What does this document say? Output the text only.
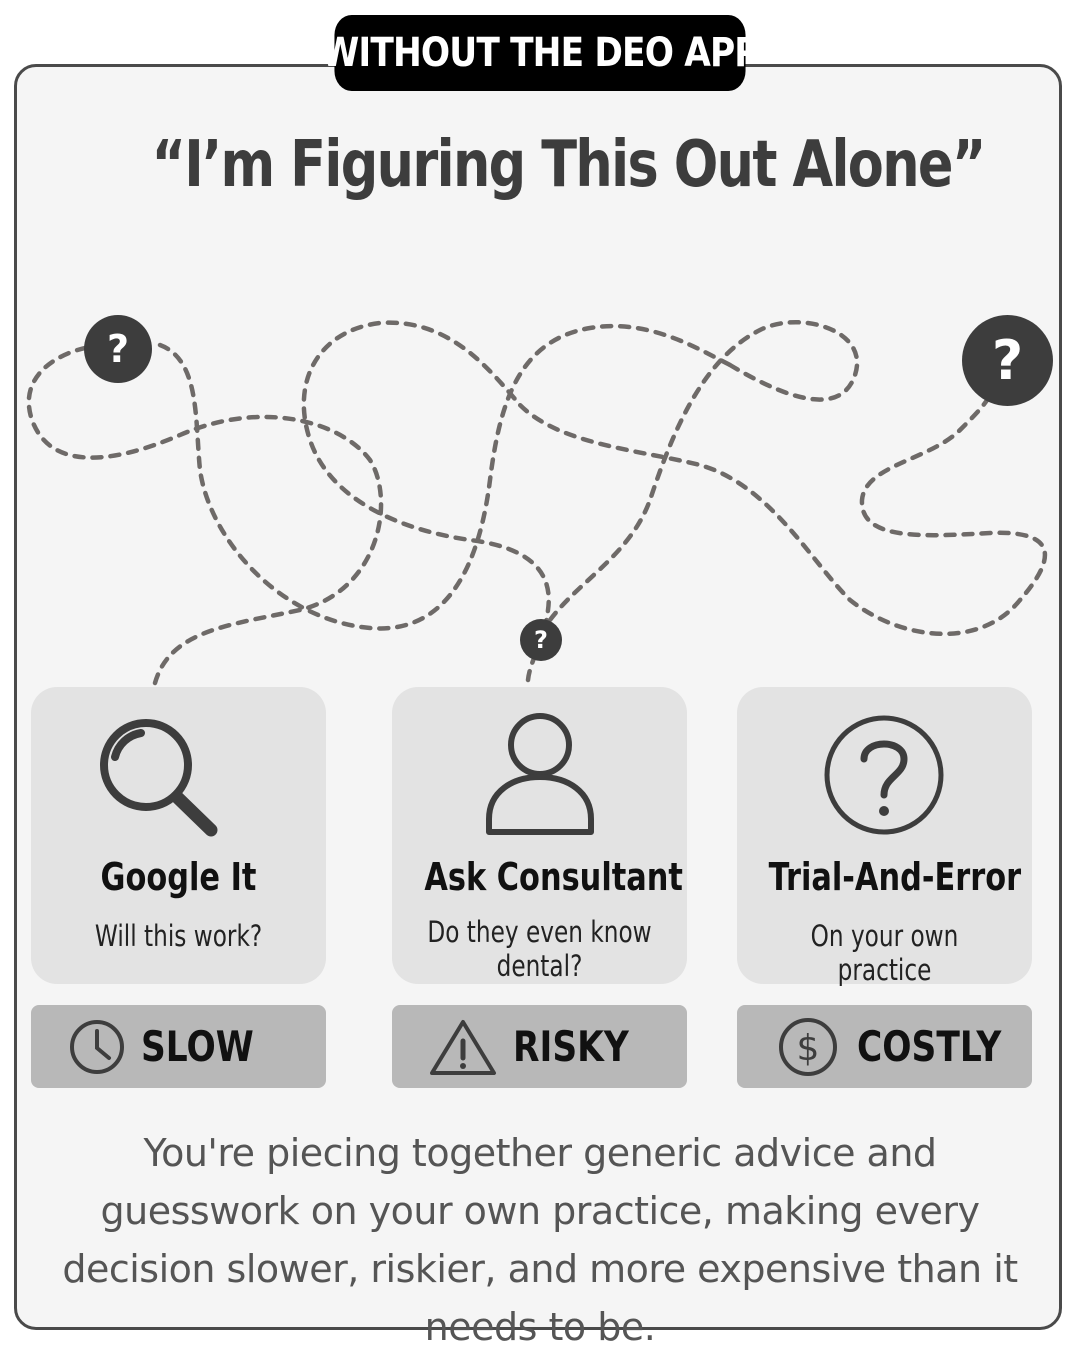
WITHOUT THE DEO APP
“I’m Figuring This Out Alone”
?	?
?
Google It
Will this work?
Ask Consultant
Do they even know dental?
Trial-And-Error
On your own practice
SLOW	RISKY	$ COSTLY
You're piecing together generic advice and guesswork on your own practice, making every decision slower, riskier, and more expensive than it needs to be.
